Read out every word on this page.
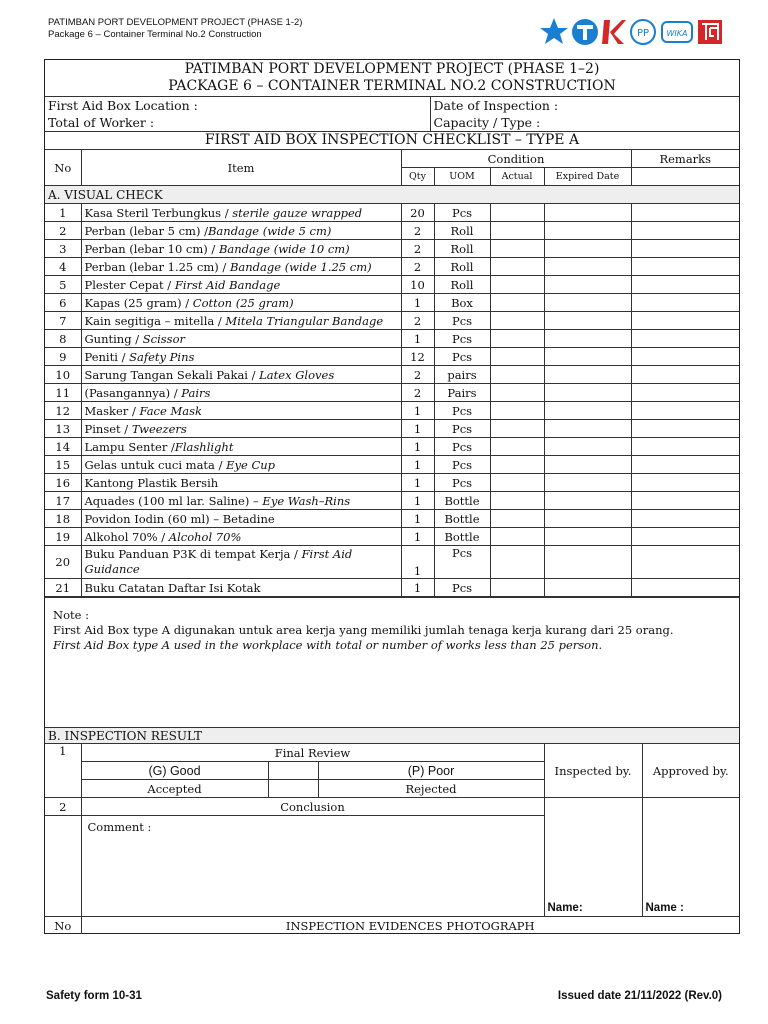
PATIMBAN PORT DEVELOPMENT PROJECT (PHASE 1-2)
Package 6 – Container Terminal No.2 Construction	PP WIKA
PATIMBAN PORT DEVELOPMENT PROJECT (PHASE 1–2)	
PACKAGE 6 – CONTAINER TERMINAL NO.2 CONSTRUCTION	
First Aid Box Location :	Date of Inspection :
Total of Worker :	Capacity / Type :
FIRST AID BOX INSPECTION CHECKLIST – TYPE A	
No	Item	Condition				Remarks
		Qty	UOM	Actual	Expired Date	
A. VISUAL CHECK						
1	Kasa Steril Terbungkus / sterile gauze wrapped	20	Pcs			
2	Perban (lebar 5 cm) /Bandage (wide 5 cm)	2	Roll			
3	Perban (lebar 10 cm) / Bandage (wide 10 cm)	2	Roll			
4	Perban (lebar 1.25 cm) / Bandage (wide 1.25 cm)	2	Roll			
5	Plester Cepat / First Aid Bandage	10	Roll			
6	Kapas (25 gram) / Cotton (25 gram)	1	Box			
7	Kain segitiga – mitella / Mitela Triangular Bandage	2	Pcs			
8	Gunting / Scissor	1	Pcs			
9	Peniti / Safety Pins	12	Pcs			
10	Sarung Tangan Sekali Pakai / Latex Gloves	2	pairs			
11	(Pasangannya) / Pairs	2	Pairs			
12	Masker / Face Mask	1	Pcs			
13	Pinset / Tweezers	1	Pcs			
14	Lampu Senter /Flashlight	1	Pcs			
15	Gelas untuk cuci mata / Eye Cup	1	Pcs			
16	Kantong Plastik Bersih	1	Pcs			
17	Aquades (100 ml lar. Saline) – Eye Wash–Rins	1	Bottle			
18	Povidon Iodin (60 ml) – Betadine	1	Bottle			
19	Alkohol 70% / Alcohol 70%	1	Bottle			
20	Buku Panduan P3K di tempat Kerja / First Aid
Guidance	1	Pcs			
21	Buku Catatan Daftar Isi Kotak	1	Pcs			
Note :
First Aid Box type A digunakan untuk area kerja yang memiliki jumlah tenaga kerja kurang dari 25 orang.
First Aid Box type A used in the workplace with total or number of works less than 25 person.
B. INSPECTION RESULT					
1	Final Review			Inspected by.	Approved by.
	(G) Good		(P) Poor		
	Accepted		Rejected		
2	Conclusion			Name:	Name :
	Comment :				
No	INSPECTION EVIDENCES PHOTOGRAPH				
Safety form 10-31	Issued date 21/11/2022 (Rev.0)
